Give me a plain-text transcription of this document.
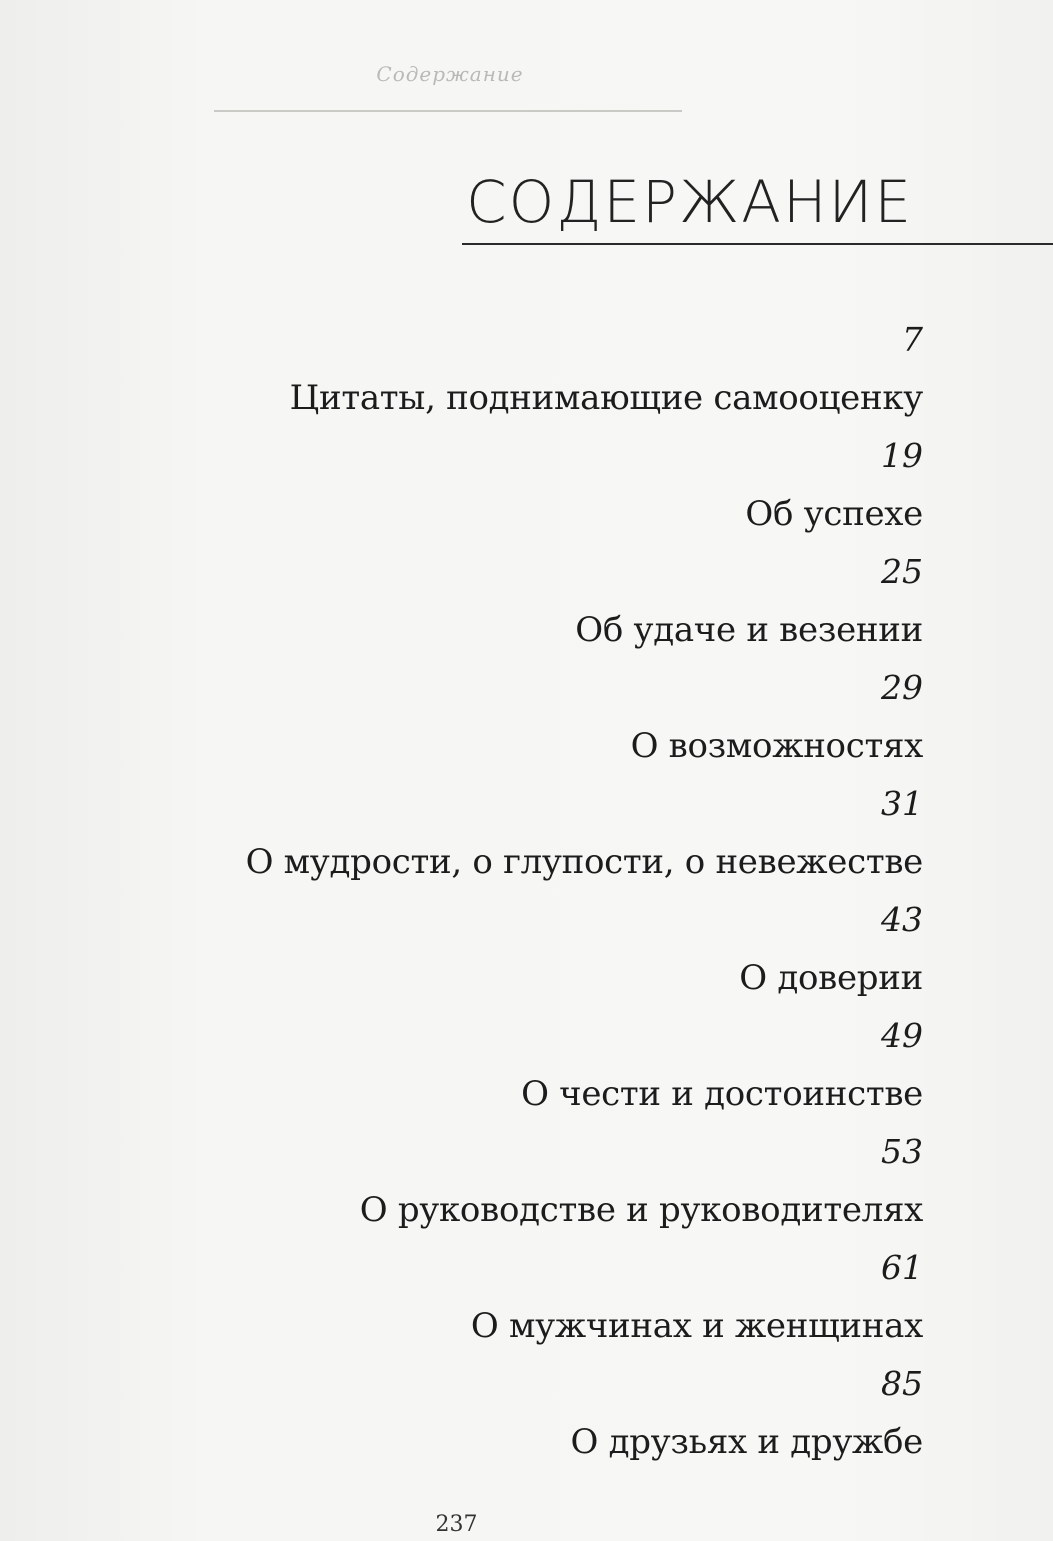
Содержание
СОДЕРЖАНИЕ
7
Цитаты, поднимающие самооценку
19
Об успехе
25
Об удаче и везении
29
О возможностях
31
О мудрости, о глупости, о невежестве
43
О доверии
49
О чести и достоинстве
53
О руководстве и руководителях
61
О мужчинах и женщинах
85
О друзьях и дружбе
237
